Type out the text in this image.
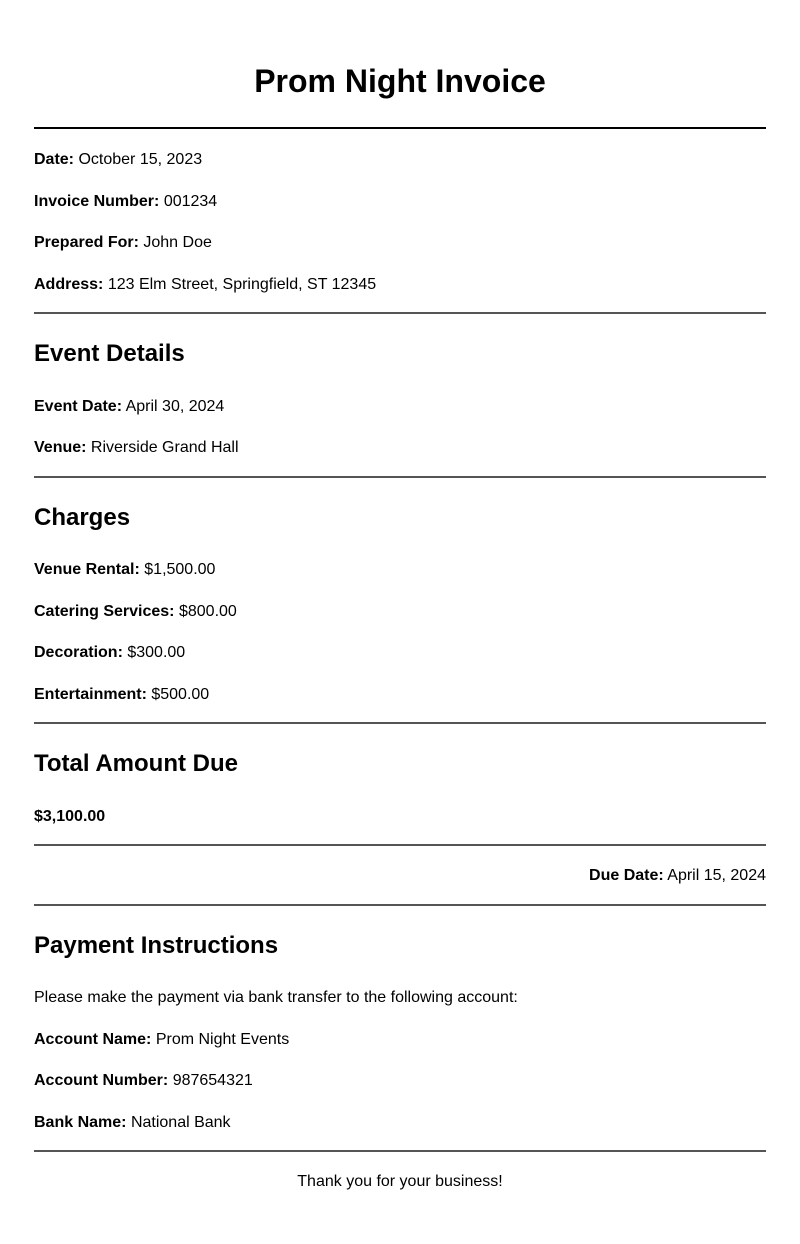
Prom Night Invoice
Date: October 15, 2023
Invoice Number: 001234
Prepared For: John Doe
Address: 123 Elm Street, Springfield, ST 12345
Event Details
Event Date: April 30, 2024
Venue: Riverside Grand Hall
Charges
Venue Rental: $1,500.00
Catering Services: $800.00
Decoration: $300.00
Entertainment: $500.00
Total Amount Due
$3,100.00
Due Date: April 15, 2024
Payment Instructions
Please make the payment via bank transfer to the following account:
Account Name: Prom Night Events
Account Number: 987654321
Bank Name: National Bank
Thank you for your business!
